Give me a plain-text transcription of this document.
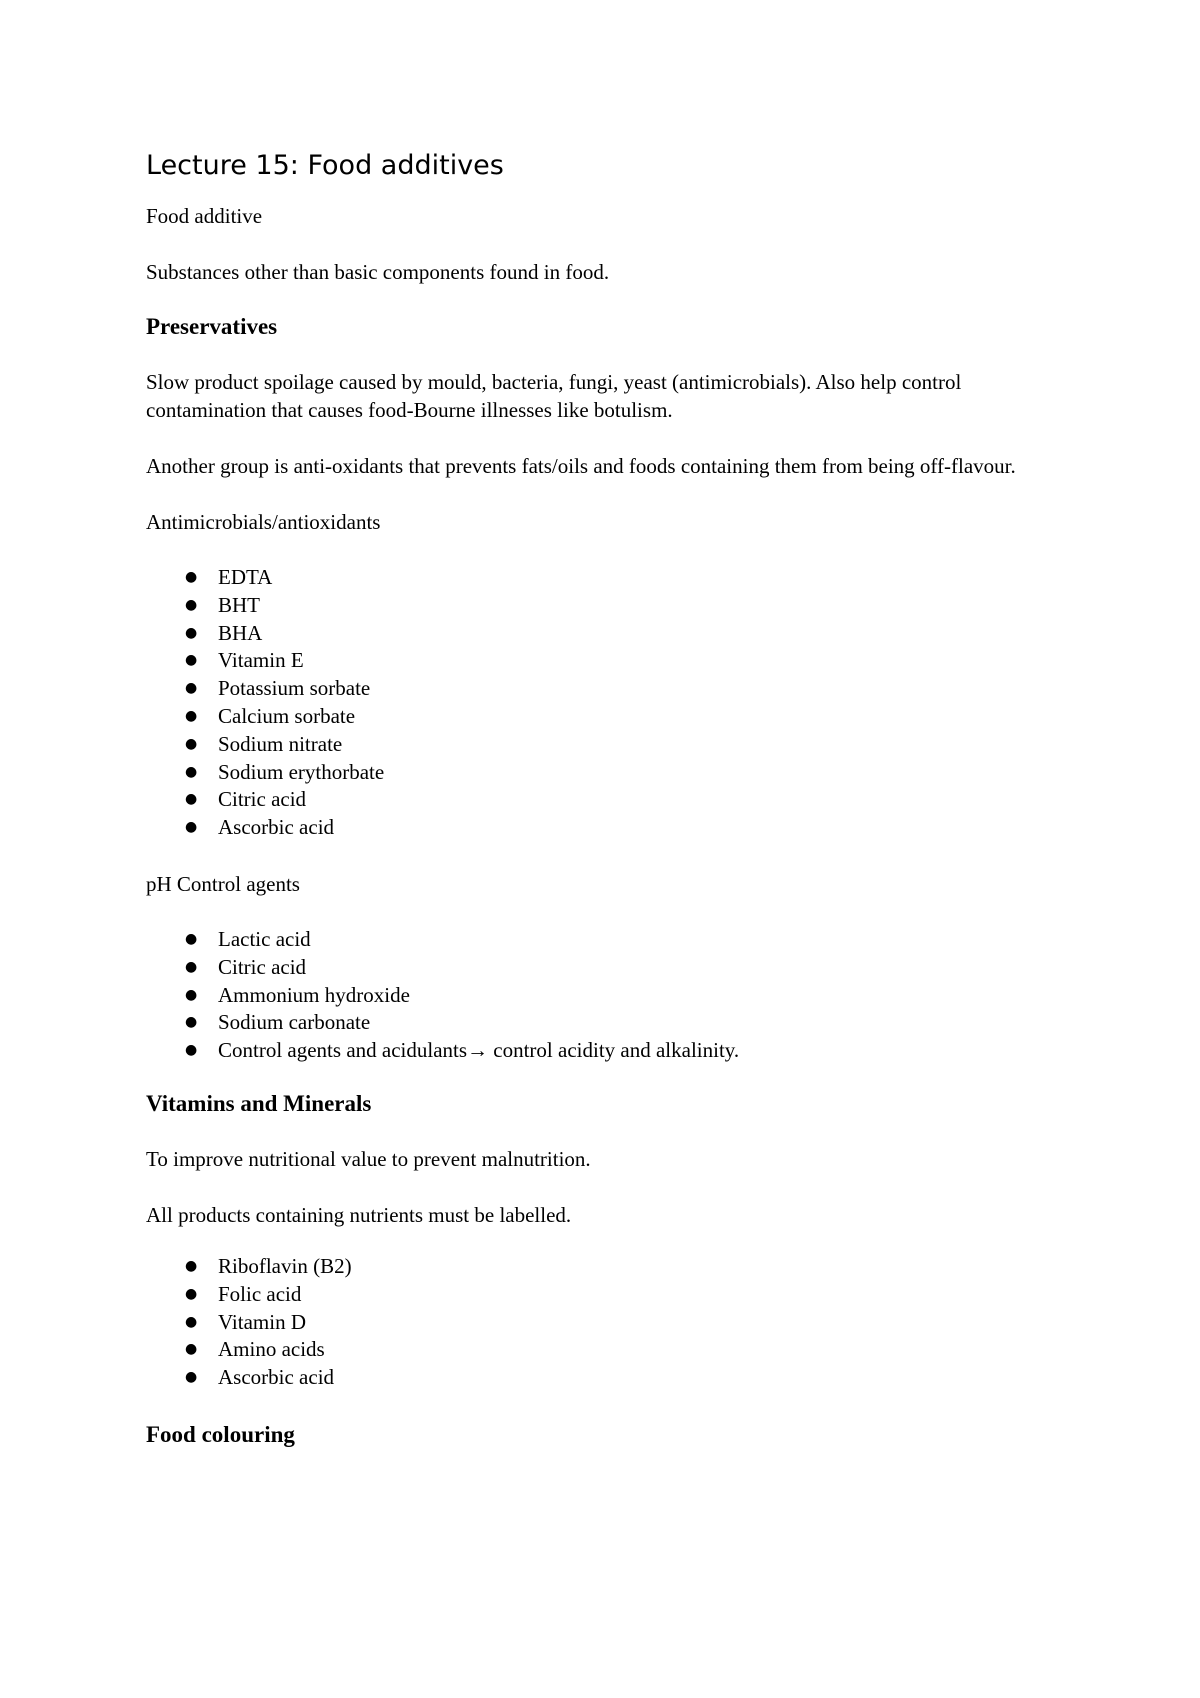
Lecture 15: Food additives

Food additive

Substances other than basic components found in food.

Preservatives

Slow product spoilage caused by mould, bacteria, fungi, yeast (antimicrobials). Also help control contamination that causes food-Bourne illnesses like botulism.

Another group is anti-oxidants that prevents fats/oils and foods containing them from being off-flavour.

Antimicrobials/antioxidants

● EDTA
● BHT
● BHA
● Vitamin E
● Potassium sorbate
● Calcium sorbate
● Sodium nitrate
● Sodium erythorbate
● Citric acid
● Ascorbic acid

pH Control agents

● Lactic acid
● Citric acid
● Ammonium hydroxide
● Sodium carbonate
● Control agents and acidulants→ control acidity and alkalinity.
Vitamins and Minerals

To improve nutritional value to prevent malnutrition.

All products containing nutrients must be labelled.

● Riboflavin (B2)
● Folic acid
● Vitamin D
● Amino acids
● Ascorbic acid
Food colouring
